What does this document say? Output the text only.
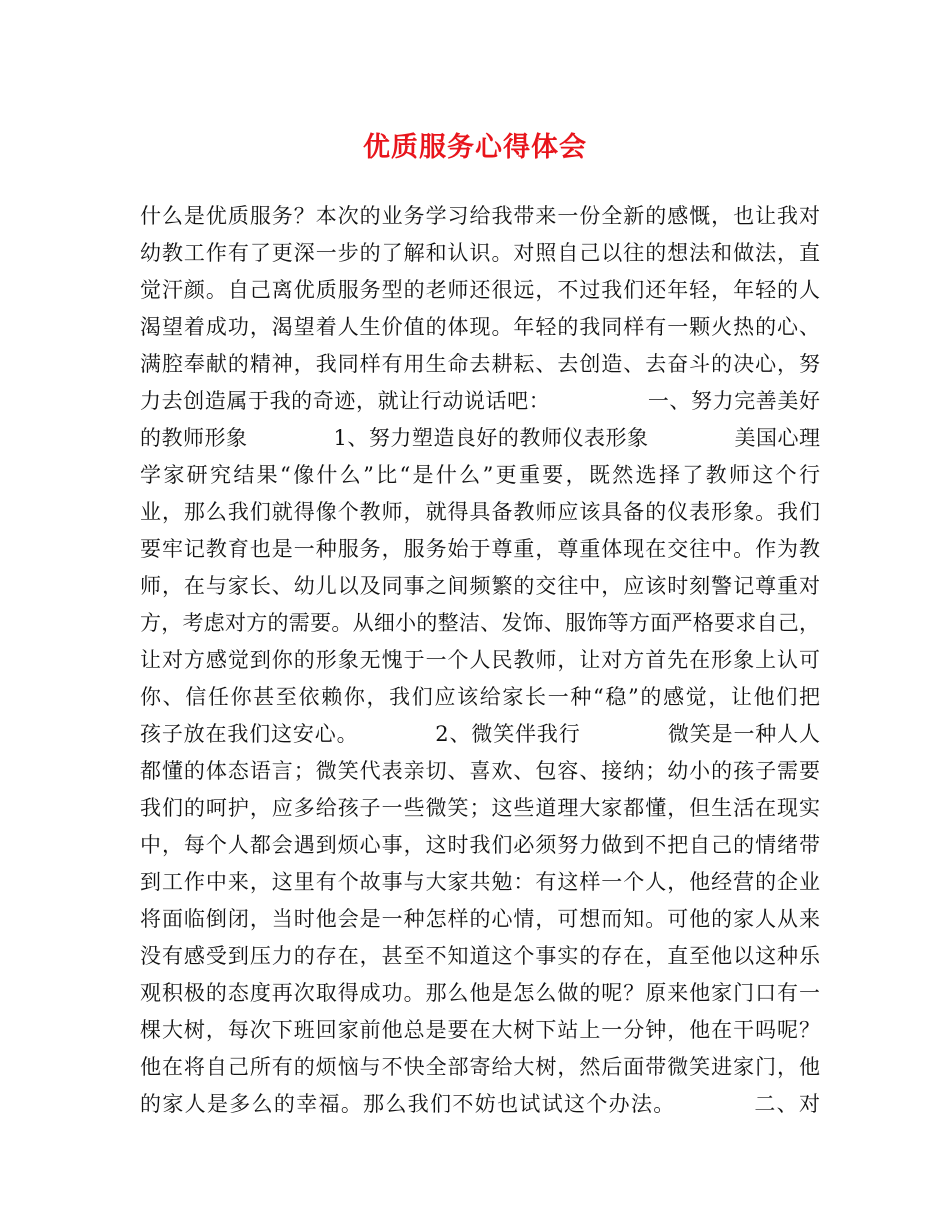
优质服务心得体会
什么是优质服务？本次的业务学习给我带来一份全新的感慨，也让我对
幼教工作有了更深一步的了解和认识。对照自己以往的想法和做法，直
觉汗颜。自己离优质服务型的老师还很远，不过我们还年轻，年轻的人
渴望着成功，渴望着人生价值的体现。年轻的我同样有一颗火热的心、
满腔奉献的精神，我同样有用生命去耕耘、去创造、去奋斗的决心，努
力去创造属于我的奇迹，就让行动说话吧：　　　　　一、努力完善美好
的教师形象　　　　1、努力塑造良好的教师仪表形象　　　　美国心理
学家研究结果“像什么”比“是什么”更重要，既然选择了教师这个行
业，那么我们就得像个教师，就得具备教师应该具备的仪表形象。我们
要牢记教育也是一种服务，服务始于尊重，尊重体现在交往中。作为教
师，在与家长、幼儿以及同事之间频繁的交往中，应该时刻警记尊重对
方，考虑对方的需要。从细小的整洁、发饰、服饰等方面严格要求自己，
让对方感觉到你的形象无愧于一个人民教师，让对方首先在形象上认可
你、信任你甚至依赖你，我们应该给家长一种“稳”的感觉，让他们把
孩子放在我们这安心。　　　　2、微笑伴我行　　　　微笑是一种人人
都懂的体态语言；微笑代表亲切、喜欢、包容、接纳；幼小的孩子需要
我们的呵护，应多给孩子一些微笑；这些道理大家都懂，但生活在现实
中，每个人都会遇到烦心事，这时我们必须努力做到不把自己的情绪带
到工作中来，这里有个故事与大家共勉：有这样一个人，他经营的企业
将面临倒闭，当时他会是一种怎样的心情，可想而知。可他的家人从来
没有感受到压力的存在，甚至不知道这个事实的存在，直至他以这种乐
观积极的态度再次取得成功。那么他是怎么做的呢？原来他家门口有一
棵大树，每次下班回家前他总是要在大树下站上一分钟，他在干吗呢？
他在将自己所有的烦恼与不快全部寄给大树，然后面带微笑进家门，他
的家人是多么的幸福。那么我们不妨也试试这个办法。　　　　二、对
